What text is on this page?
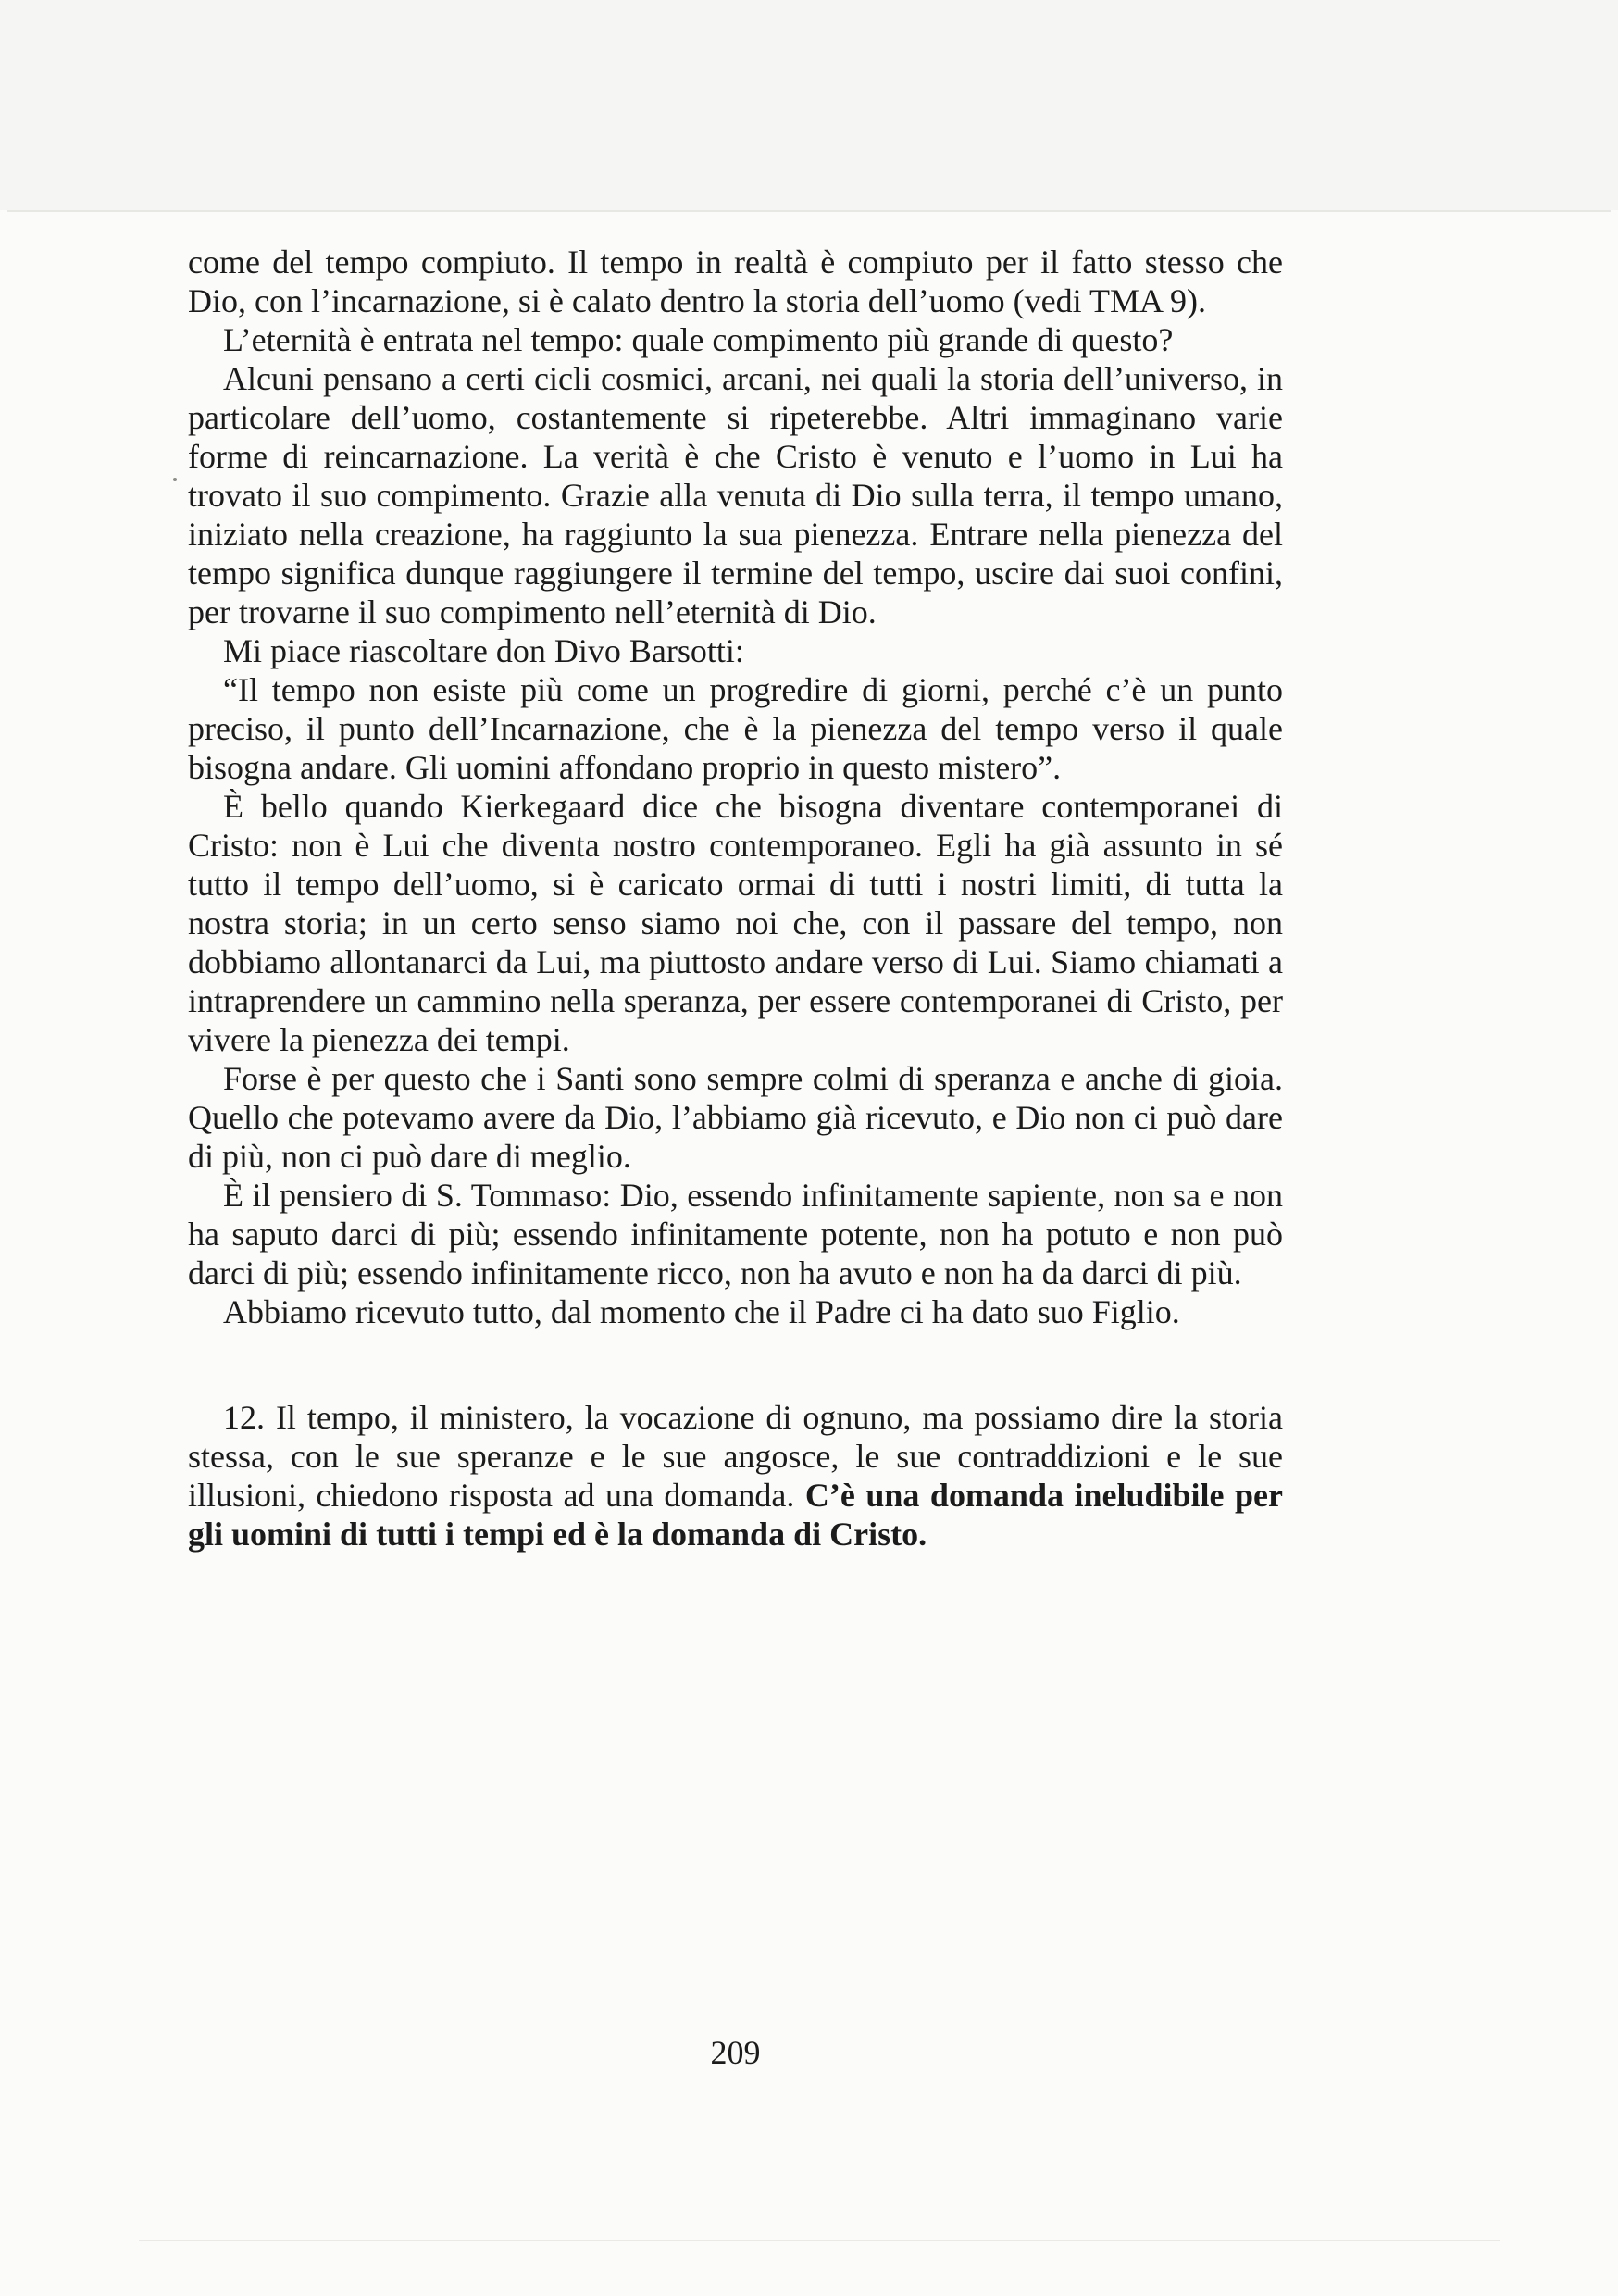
come del tempo compiuto. Il tempo in realtà è compiuto per il fatto stesso che Dio, con l’incarnazione, si è calato dentro la storia dell’uomo (vedi TMA 9).

L’eternità è entrata nel tempo: quale compimento più grande di questo?

Alcuni pensano a certi cicli cosmici, arcani, nei quali la storia dell’universo, in particolare dell’uomo, costantemente si ripeterebbe. Altri immaginano varie forme di reincarnazione. La verità è che Cristo è venuto e l’uomo in Lui ha trovato il suo compimento. Grazie alla venuta di Dio sulla terra, il tempo umano, iniziato nella creazione, ha raggiunto la sua pienezza. Entrare nella pienezza del tempo significa dunque raggiungere il termine del tempo, uscire dai suoi confini, per trovarne il suo compimento nell’eternità di Dio.

Mi piace riascoltare don Divo Barsotti:

“Il tempo non esiste più come un progredire di giorni, perché c’è un punto preciso, il punto dell’Incarnazione, che è la pienezza del tempo verso il quale bisogna andare. Gli uomini affondano proprio in questo mistero”.

È bello quando Kierkegaard dice che bisogna diventare contemporanei di Cristo: non è Lui che diventa nostro contemporaneo. Egli ha già assunto in sé tutto il tempo dell’uomo, si è caricato ormai di tutti i nostri limiti, di tutta la nostra storia; in un certo senso siamo noi che, con il passare del tempo, non dobbiamo allontanarci da Lui, ma piuttosto andare verso di Lui. Siamo chiamati a intraprendere un cammino nella speranza, per essere contemporanei di Cristo, per vivere la pienezza dei tempi.

Forse è per questo che i Santi sono sempre colmi di speranza e anche di gioia. Quello che potevamo avere da Dio, l’abbiamo già ricevuto, e Dio non ci può dare di più, non ci può dare di meglio.

È il pensiero di S. Tommaso: Dio, essendo infinitamente sapiente, non sa e non ha saputo darci di più; essendo infinitamente potente, non ha potuto e non può darci di più; essendo infinitamente ricco, non ha avuto e non ha da darci di più.

Abbiamo ricevuto tutto, dal momento che il Padre ci ha dato suo Figlio.

12. Il tempo, il ministero, la vocazione di ognuno, ma possiamo dire la storia stessa, con le sue speranze e le sue angosce, le sue contraddizioni e le sue illusioni, chiedono risposta ad una domanda. C’è una domanda ineludibile per gli uomini di tutti i tempi ed è la domanda di Cristo.

209
